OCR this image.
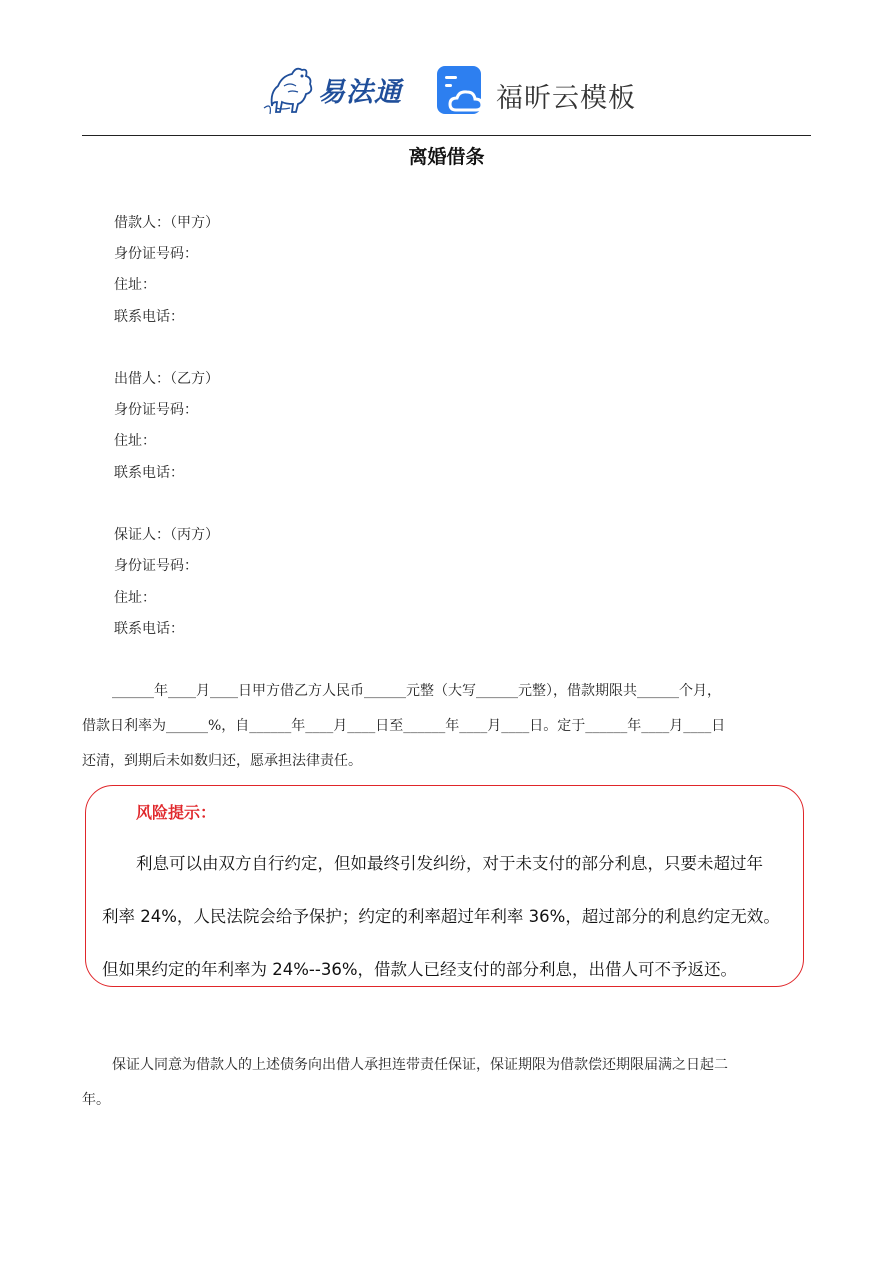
易法通	福昕云模板
离婚借条
借款人：（甲方）
身份证号码：
住址：
联系电话：
出借人：（乙方）
身份证号码：
住址：
联系电话：
保证人：（丙方）
身份证号码：
住址：
联系电话：
______年____月____日甲方借乙方人民币______元整（大写______元整），借款期限共______个月，
借款日利率为______%，自______年____月____日至______年____月____日。定于______年____月____日
还清，到期后未如数归还，愿承担法律责任。
风险提示：
利息可以由双方自行约定，但如最终引发纠纷，对于未支付的部分利息，只要未超过年
利率 24%，人民法院会给予保护；约定的利率超过年利率 36%，超过部分的利息约定无效。
但如果约定的年利率为 24%--36%，借款人已经支付的部分利息，出借人可不予返还。
保证人同意为借款人的上述债务向出借人承担连带责任保证，保证期限为借款偿还期限届满之日起二
年。
